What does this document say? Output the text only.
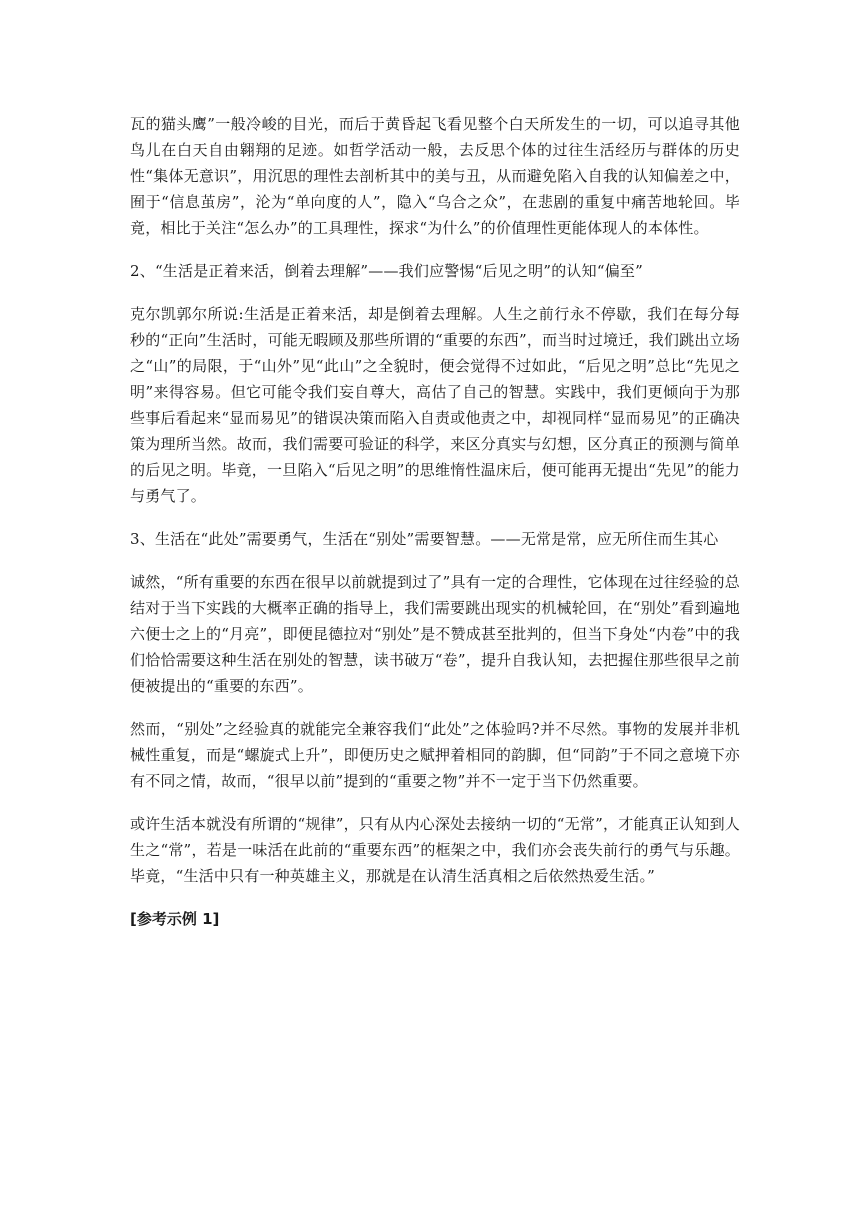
瓦的猫头鹰”一般冷峻的目光，而后于黄昏起飞看见整个白天所发生的一切，可以追寻其他鸟儿在白天自由翱翔的足迹。如哲学活动一般，去反思个体的过往生活经历与群体的历史性“集体无意识”，用沉思的理性去剖析其中的美与丑，从而避免陷入自我的认知偏差之中，囿于“信息茧房”，沦为“单向度的人”，隐入“乌合之众”，在悲剧的重复中痛苦地轮回。毕竟，相比于关注“怎么办”的工具理性，探求“为什么”的价值理性更能体现人的本体性。

2、“生活是正着来活，倒着去理解”——我们应警惕“后见之明”的认知“偏至”

克尔凯郭尔所说:生活是正着来活，却是倒着去理解。人生之前行永不停歇，我们在每分每秒的“正向”生活时，可能无暇顾及那些所谓的“重要的东西”，而当时过境迁，我们跳出立场之“山”的局限，于“山外”见“此山”之全貌时，便会觉得不过如此，“后见之明”总比“先见之明”来得容易。但它可能令我们妄自尊大，高估了自己的智慧。实践中，我们更倾向于为那些事后看起来“显而易见”的错误决策而陷入自责或他责之中，却视同样“显而易见”的正确决策为理所当然。故而，我们需要可验证的科学，来区分真实与幻想，区分真正的预测与简单的后见之明。毕竟，一旦陷入“后见之明”的思维惰性温床后，便可能再无提出“先见”的能力与勇气了。

3、生活在“此处”需要勇气，生活在“别处”需要智慧。——无常是常，应无所住而生其心

诚然，“所有重要的东西在很早以前就提到过了”具有一定的合理性，它体现在过往经验的总结对于当下实践的大概率正确的指导上，我们需要跳出现实的机械轮回，在“别处”看到遍地六便士之上的“月亮”，即便昆德拉对“别处”是不赞成甚至批判的，但当下身处“内卷”中的我们恰恰需要这种生活在别处的智慧，读书破万“卷”，提升自我认知，去把握住那些很早之前便被提出的“重要的东西”。

然而，“别处”之经验真的就能完全兼容我们“此处”之体验吗?并不尽然。事物的发展并非机械性重复，而是“螺旋式上升”，即便历史之赋押着相同的韵脚，但“同韵”于不同之意境下亦有不同之情，故而，“很早以前”提到的“重要之物”并不一定于当下仍然重要。

或许生活本就没有所谓的“规律”，只有从内心深处去接纳一切的“无常”，才能真正认知到人生之“常”，若是一味活在此前的“重要东西”的框架之中，我们亦会丧失前行的勇气与乐趣。毕竟，“生活中只有一种英雄主义，那就是在认清生活真相之后依然热爱生活。”

[参考示例 1]
